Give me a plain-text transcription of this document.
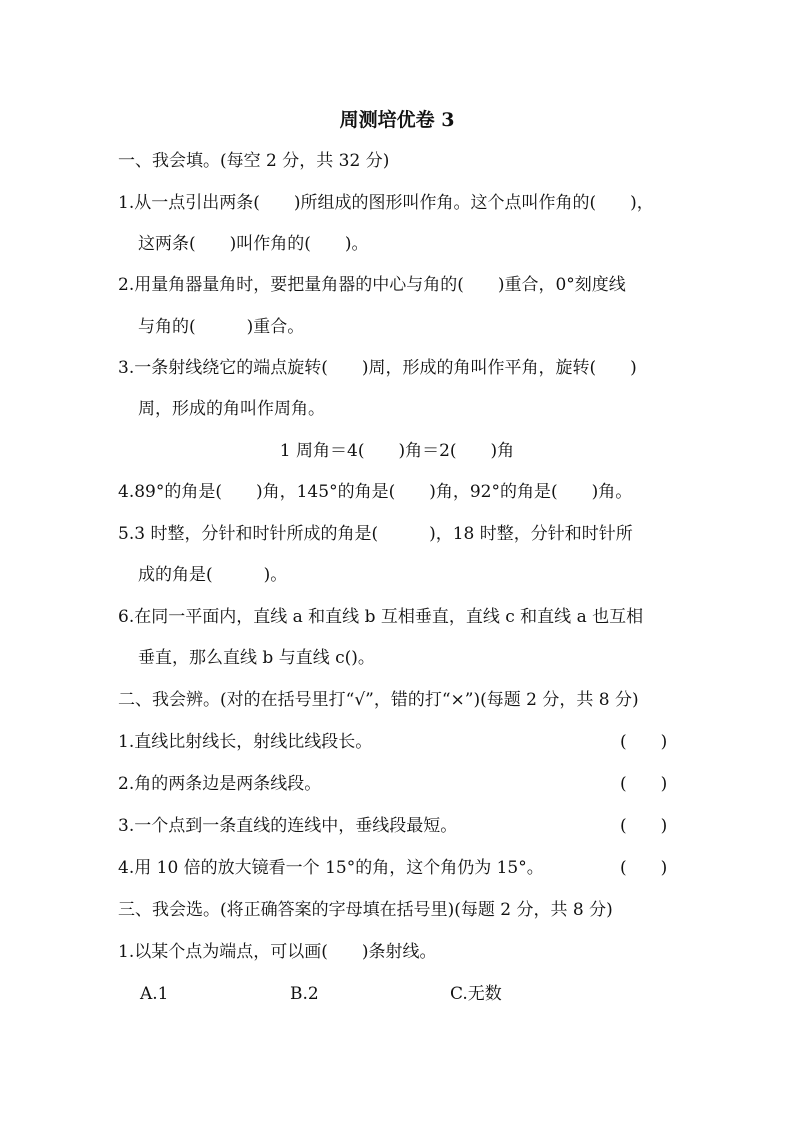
周测培优卷 3
一、我会填。(每空 2 分，共 32 分)
1.从一点引出两条(　　)所组成的图形叫作角。这个点叫作角的(　　)，
这两条(　　)叫作角的(　　)。
2.用量角器量角时，要把量角器的中心与角的(　　)重合，0°刻度线
与角的(　　　)重合。
3.一条射线绕它的端点旋转(　　)周，形成的角叫作平角，旋转(　　)
周，形成的角叫作周角。
1 周角＝4(　　)角＝2(　　)角
4.89°的角是(　　)角，145°的角是(　　)角，92°的角是(　　)角。
5.3 时整，分针和时针所成的角是(　　　)，18 时整，分针和时针所
成的角是(　　　)。
6.在同一平面内，直线 a 和直线 b 互相垂直，直线 c 和直线 a 也互相
垂直，那么直线 b 与直线 c()。
二、我会辨。(对的在括号里打“√”，错的打“×”)(每题 2 分，共 8 分)
1.直线比射线长，射线比线段长。	(　　)
2.角的两条边是两条线段。	(　　)
3.一个点到一条直线的连线中，垂线段最短。	(　　)
4.用 10 倍的放大镜看一个 15°的角，这个角仍为 15°。	(　　)
三、我会选。(将正确答案的字母填在括号里)(每题 2 分，共 8 分)
1.以某个点为端点，可以画(　　)条射线。
A.1	B.2	C.无数
